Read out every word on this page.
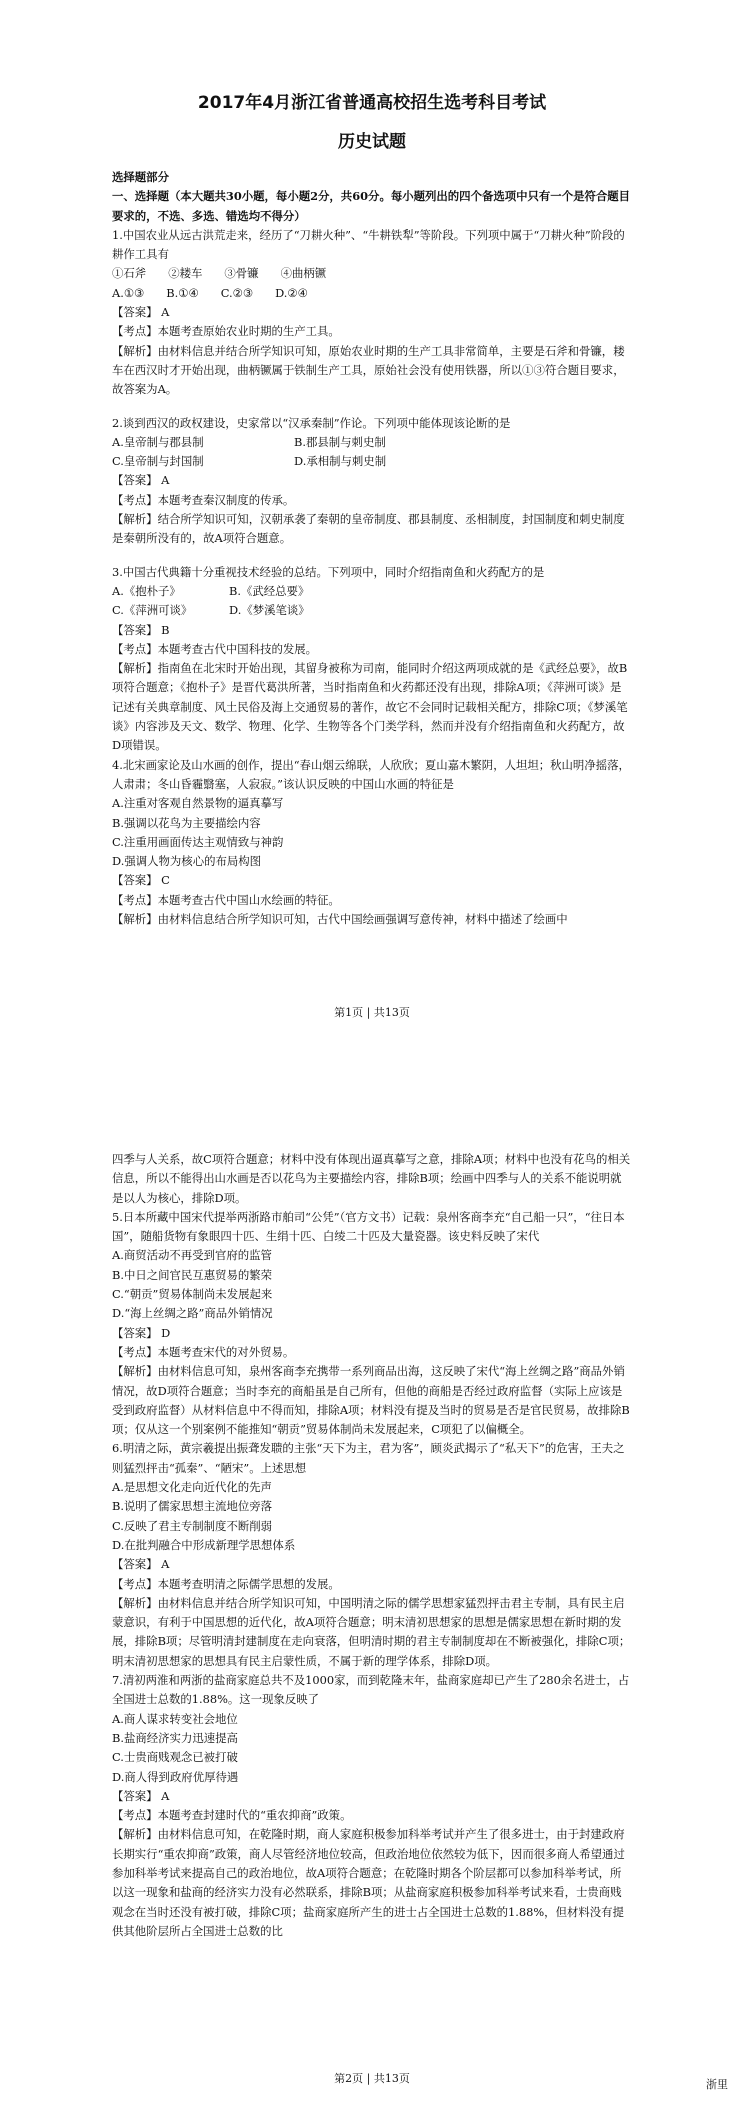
2017年4月浙江省普通高校招生选考科目考试
历史试题
选择题部分
一、选择题（本大题共30小题，每小题2分，共60分。每小题列出的四个备选项中只有一个是符合题目要求的，不选、多选、错选均不得分）
1.中国农业从远古洪荒走来，经历了“刀耕火种”、“牛耕铁犁”等阶段。下列项中属于“刀耕火种”阶段的耕作工具有
①石斧 ②耧车 ③骨镰 ④曲柄镢
A.①③ B.①④ C.②③ D.②④
【答案】 A
【考点】本题考查原始农业时期的生产工具。
【解析】由材料信息并结合所学知识可知，原始农业时期的生产工具非常简单，主要是石斧和骨镰，耧车在西汉时才开始出现，曲柄镢属于铁制生产工具，原始社会没有使用铁器，所以①③符合题目要求，故答案为A。
2.谈到西汉的政权建设，史家常以“汉承秦制”作论。下列项中能体现该论断的是
A.皇帝制与郡县制	B.郡县制与刺史制
C.皇帝制与封国制	D.承相制与刺史制
【答案】 A
【考点】本题考查秦汉制度的传承。
【解析】结合所学知识可知，汉朝承袭了秦朝的皇帝制度、郡县制度、丞相制度，封国制度和刺史制度是秦朝所没有的，故A项符合题意。
3.中国古代典籍十分重视技术经验的总结。下列项中，同时介绍指南鱼和火药配方的是
A.《抱朴子》	B.《武经总要》
C.《萍洲可谈》	D.《梦溪笔谈》
【答案】 B
【考点】本题考查古代中国科技的发展。
【解析】指南鱼在北宋时开始出现，其留身被称为司南，能同时介绍这两项成就的是《武经总要》，故B项符合题意；《抱朴子》是晋代葛洪所著，当时指南鱼和火药都还没有出现，排除A项；《萍洲可谈》是记述有关典章制度、风土民俗及海上交通贸易的著作，故它不会同时记载相关配方，排除C项；《梦溪笔谈》内容涉及天文、数学、物理、化学、生物等各个门类学科，然而并没有介绍指南鱼和火药配方，故D项错误。
4.北宋画家论及山水画的创作，提出“春山烟云绵联，人欣欣；夏山嘉木繁阴，人坦坦；秋山明净摇落，人肃肃；冬山昏霾翳塞，人寂寂。”该认识反映的中国山水画的特征是
A.注重对客观自然景物的逼真摹写
B.强调以花鸟为主要描绘内容
C.注重用画面传达主观情致与神韵
D.强调人物为核心的布局构图
【答案】 C
【考点】本题考查古代中国山水绘画的特征。
【解析】由材料信息结合所学知识可知，古代中国绘画强调写意传神，材料中描述了绘画中
第1页 | 共13页
四季与人关系，故C项符合题意；材料中没有体现出逼真摹写之意，排除A项；材料中也没有花鸟的相关信息，所以不能得出山水画是否以花鸟为主要描绘内容，排除B项；绘画中四季与人的关系不能说明就是以人为核心，排除D项。
5.日本所藏中国宋代提举两浙路市舶司“公凭”（官方文书）记载：泉州客商李充“自己船一只”，“往日本国”，随船货物有象眼四十匹、生绢十匹、白绫二十匹及大量瓷器。该史料反映了宋代
A.商贸活动不再受到官府的监管
B.中日之间官民互惠贸易的繁荣
C.“朝贡”贸易体制尚未发展起来
D.“海上丝绸之路”商品外销情况
【答案】 D
【考点】本题考查宋代的对外贸易。
【解析】由材料信息可知，泉州客商李充携带一系列商品出海，这反映了宋代“海上丝绸之路”商品外销情况，故D项符合题意；当时李充的商船虽是自己所有，但他的商船是否经过政府监督（实际上应该是受到政府监督）从材料信息中不得而知，排除A项；材料没有提及当时的贸易是否是官民贸易，故排除B项；仅从这一个别案例不能推知“朝贡”贸易体制尚未发展起来，C项犯了以偏概全。
6.明清之际，黄宗羲提出振聋发聩的主张“天下为主，君为客”，顾炎武揭示了“私天下”的危害，王夫之则猛烈抨击“孤秦”、“陋宋”。上述思想
A.是思想文化走向近代化的先声
B.说明了儒家思想主流地位旁落
C.反映了君主专制制度不断削弱
D.在批判融合中形成新理学思想体系
【答案】 A
【考点】本题考查明清之际儒学思想的发展。
【解析】由材料信息并结合所学知识可知，中国明清之际的儒学思想家猛烈抨击君主专制，具有民主启蒙意识，有利于中国思想的近代化，故A项符合题意；明末清初思想家的思想是儒家思想在新时期的发展，排除B项；尽管明清封建制度在走向衰落，但明清时期的君主专制制度却在不断被强化，排除C项；明末清初思想家的思想具有民主启蒙性质，不属于新的理学体系，排除D项。
7.清初两淮和两浙的盐商家庭总共不及1000家，而到乾隆末年，盐商家庭却已产生了280余名进士，占全国进士总数的1.88%。这一现象反映了
A.商人谋求转变社会地位
B.盐商经济实力迅速提高
C.士贵商贱观念已被打破
D.商人得到政府优厚待遇
【答案】 A
【考点】本题考查封建时代的“重农抑商”政策。
【解析】由材料信息可知，在乾隆时期，商人家庭积极参加科举考试并产生了很多进士，由于封建政府长期实行“重农抑商”政策，商人尽管经济地位较高，但政治地位依然较为低下，因而很多商人希望通过参加科举考试来提高自己的政治地位，故A项符合题意；在乾隆时期各个阶层都可以参加科举考试，所以这一现象和盐商的经济实力没有必然联系，排除B项；从盐商家庭积极参加科举考试来看，士贵商贱观念在当时还没有被打破，排除C项；盐商家庭所产生的进士占全国进士总数的1.88%，但材料没有提供其他阶层所占全国进士总数的比
第2页 | 共13页	浙里
